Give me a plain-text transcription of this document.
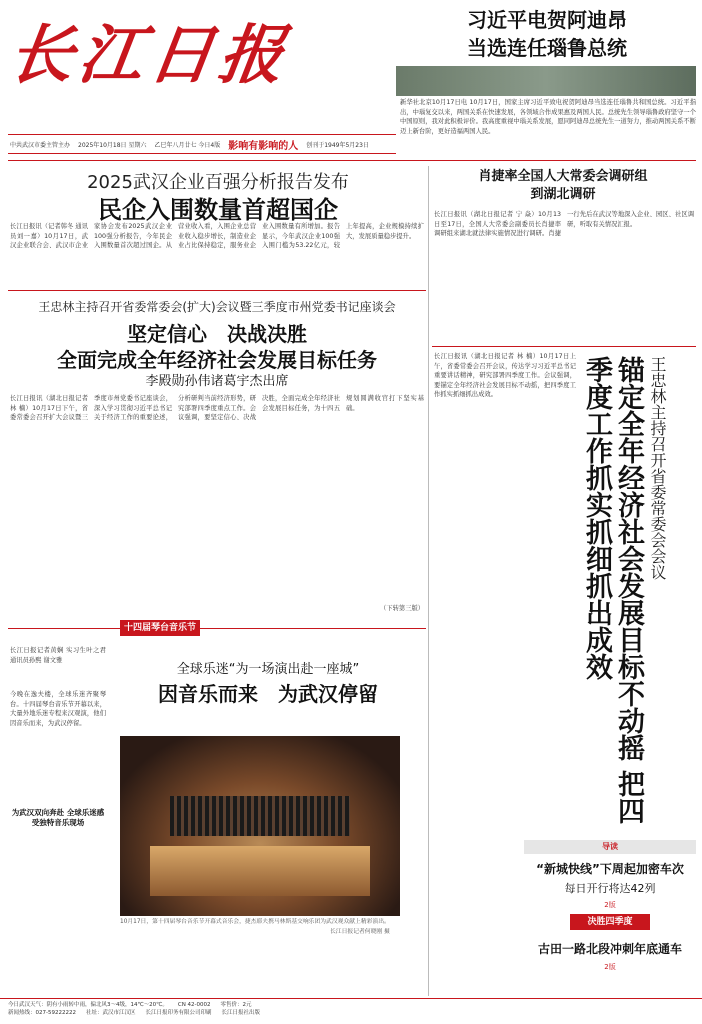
长江日报
中共武汉市委主管主办 2025年10月18日 星期六 乙巳年八月廿七 今日4版 影响有影响的人 创刊于1949年5月23日
习近平电贺阿迪昂
当选连任瑙鲁总统
新华社北京10月17日电 10月17日，国家主席习近平致电祝贺阿迪昂当选连任瑙鲁共和国总统。习近平指出，中瑙复交以来，两国关系在快速发展，各领域合作成果惠及两国人民。总统先生领导瑙鲁政府坚守一个中国原则，我对此积极评价。我高度重视中瑙关系发展，愿同阿迪昂总统先生一道努力，推动两国关系不断迈上新台阶，更好造福两国人民。
2025武汉企业百强分析报告发布
民企入围数量首超国企
长江日报讯（记者韩冬 通讯员刘一嘉）10月17日，武汉企业联合会、武汉市企业家协会发布2025武汉企业100强分析报告，今年民企入围数量首次超过国企。从营业收入看，入围企业总营业收入稳步增长，制造业企业占比保持稳定，服务业企业入围数量有所增加。报告显示，今年武汉企业100强入围门槛为53.22亿元，较上年提高，企业规模持续扩大，发展质量稳步提升。
肖捷率全国人大常委会调研组
到湖北调研
长江日报讯（湖北日报记者 宁 焱）10月13日至17日，全国人大常委会副委员长肖捷率调研组来湖北就法律实施情况进行调研。肖捷一行先后在武汉等地深入企业、园区、社区调研，听取有关情况汇报。
王忠林主持召开省委常委会(扩大)会议暨三季度市州党委书记座谈会
坚定信心　决战决胜
全面完成全年经济社会发展目标任务
李殿勋孙伟诸葛宇杰出席
长江日报讯（湖北日报记者 林 楠）10月17日下午，省委常委会召开扩大会议暨三季度市州党委书记座谈会，深入学习贯彻习近平总书记关于经济工作的重要论述，分析研判当前经济形势，研究部署四季度重点工作。会议强调，要坚定信心、决战决胜，全面完成全年经济社会发展目标任务，为十四五规划圆满收官打下坚实基础。
（下转第三版）
十四届琴台音乐节
全球乐迷“为一场演出赴一座城”
因音乐而来　为武汉停留
长江日报记者黄娴 实习生叶之君 通讯员孙熙 谢文雅
今晚在逸夫楼，全球乐迷齐聚琴台。十四届琴台音乐节开幕以来，大量外地乐迷专程来汉观演，他们因音乐而来，为武汉停留。
为武汉双向奔赴 全球乐迷感受独特音乐现场
10月17日，第十四届琴台音乐节开幕式音乐会，捷杰耶夫携马林斯基交响乐团为武汉观众献上精彩演出。
长江日报记者何晓刚 摄
王忠林主持召开省委常委会会议
锚定全年经济社会发展目标不动摇 把四季度工作抓实抓细抓出成效
长江日报讯（湖北日报记者 林 楠）10月17日上午，省委常委会召开会议，传达学习习近平总书记重要讲话精神，研究部署四季度工作。会议强调，要锚定全年经济社会发展目标不动摇，把四季度工作抓实抓细抓出成效。
导读
“新城快线”下周起加密车次
每日开行将达42列
2版
决胜四季度
古田一路北段冲刺年底通车
2版
今日武汉天气：阴有小雨转中雨，偏北风3～4级，14℃～20℃。 CN 42-0002 零售价：2元
新闻热线：027-59222222 社址：武汉市江汉区 长江日报印务有限公司印刷 长江日报社出版
